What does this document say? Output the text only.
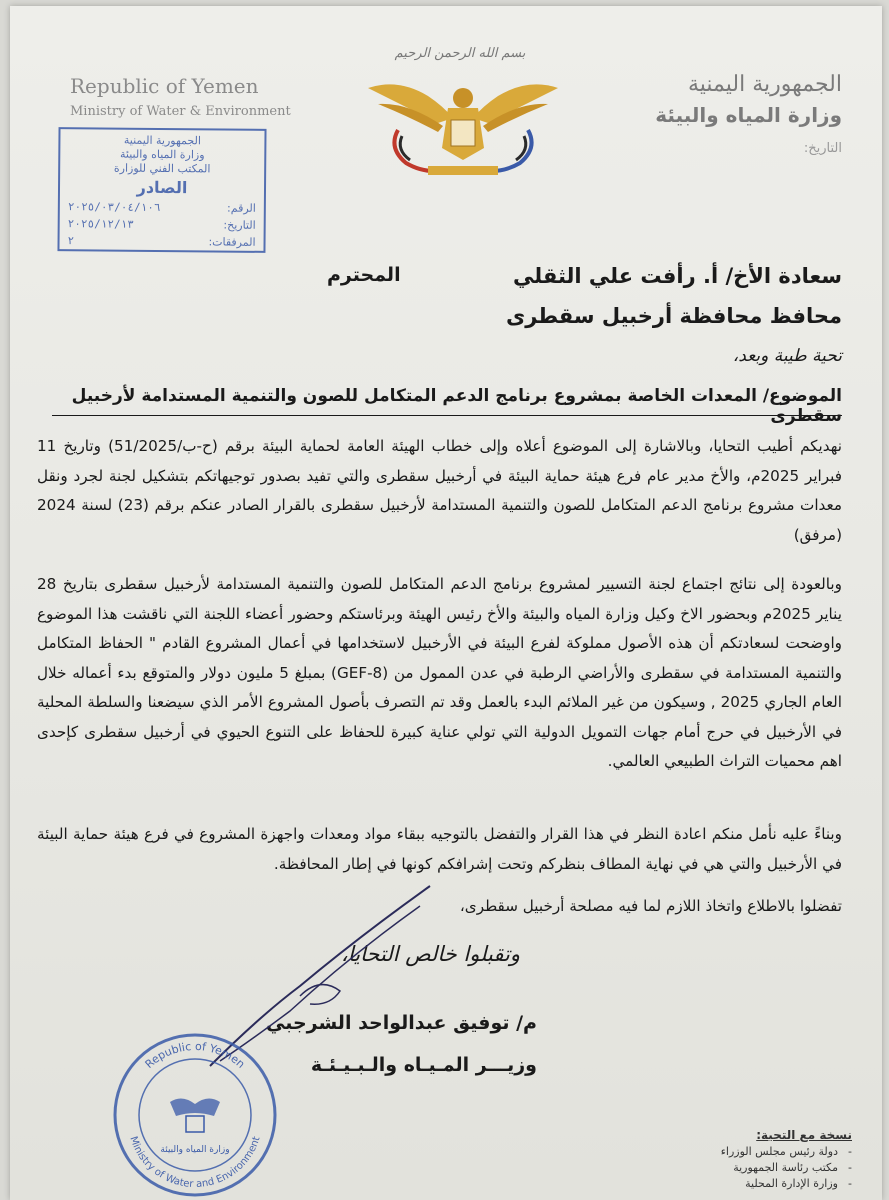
بسم الله الرحمن الرحيم
Republic of Yemen
Ministry of Water & Environment
الجمهورية اليمنية
وزارة المياه والبيئة
التاريخ:
الجمهورية اليمنية
وزارة المياه والبيئة
المكتب الفني للوزارة
الصادر
الرقم:
٢٠٢٥/٠٣/٠٤/١٠٦
التاريخ:
٢٠٢٥/١٢/١٣
المرفقات:
٢
سعادة الأخ/ أ. رأفت علي الثقلي
المحترم
محافظ محافظة أرخبيل سقطرى
تحية طيبة وبعد،
الموضوع/ المعدات الخاصة بمشروع برنامج الدعم المتكامل للصون والتنمية المستدامة لأرخبيل سقطرى
نهديكم أطيب التحايا، وبالاشارة إلى الموضوع أعلاه وإلى خطاب الهيئة العامة لحماية البيئة برقم (ح-ب/51/2025) وتاريخ 11 فبراير 2025م، والأخ مدير عام فرع هيئة حماية البيئة في أرخبيل سقطرى والتي تفيد بصدور توجيهاتكم بتشكيل لجنة لجرد ونقل معدات مشروع برنامج الدعم المتكامل للصون والتنمية المستدامة لأرخبيل سقطرى بالقرار الصادر عنكم برقم (23) لسنة 2024 (مرفق)
وبالعودة إلى نتائج اجتماع لجنة التسيير لمشروع برنامج الدعم المتكامل للصون والتنمية المستدامة لأرخبيل سقطرى بتاريخ 28 يناير 2025م وبحضور الاخ وكيل وزارة المياه والبيئة والأخ رئيس الهيئة وبرئاستكم وحضور أعضاء اللجنة التي ناقشت هذا الموضوع واوضحت لسعادتكم أن هذه الأصول مملوكة لفرع البيئة في الأرخبيل لاستخدامها في أعمال المشروع القادم " الحفاظ المتكامل والتنمية المستدامة في سقطرى والأراضي الرطبة في عدن الممول من (GEF-8) بمبلغ 5 مليون دولار والمتوقع بدء أعماله خلال العام الجاري 2025 , وسيكون من غير الملائم البدء بالعمل وقد تم التصرف بأصول المشروع الأمر الذي سيضعنا والسلطة المحلية في الأرخبيل في حرج أمام جهات التمويل الدولية التي تولي عناية كبيرة للحفاظ على التنوع الحيوي في أرخبيل سقطرى كإحدى اهم محميات التراث الطبيعي العالمي.
وبناءً عليه نأمل منكم اعادة النظر في هذا القرار والتفضل بالتوجيه ببقاء مواد ومعدات واجهزة المشروع في فرع هيئة حماية البيئة في الأرخبيل والتي هي في نهاية المطاف بنظركم وتحت إشرافكم كونها في إطار المحافظة.
تفضلوا بالاطلاع واتخاذ اللازم لما فيه مصلحة أرخبيل سقطرى،
وتقبلوا خالص التحايا،
م/ توفيق عبدالواحد الشرجبي
وزيـــر المـيـاه والـبـيـئـة
Republic of Yemen
Ministry of Water and Environment
وزارة المياه والبيئة
نسخة مع التحية:
- دولة رئيس مجلس الوزراء
- مكتب رئاسة الجمهورية
- وزارة الإدارة المحلية
